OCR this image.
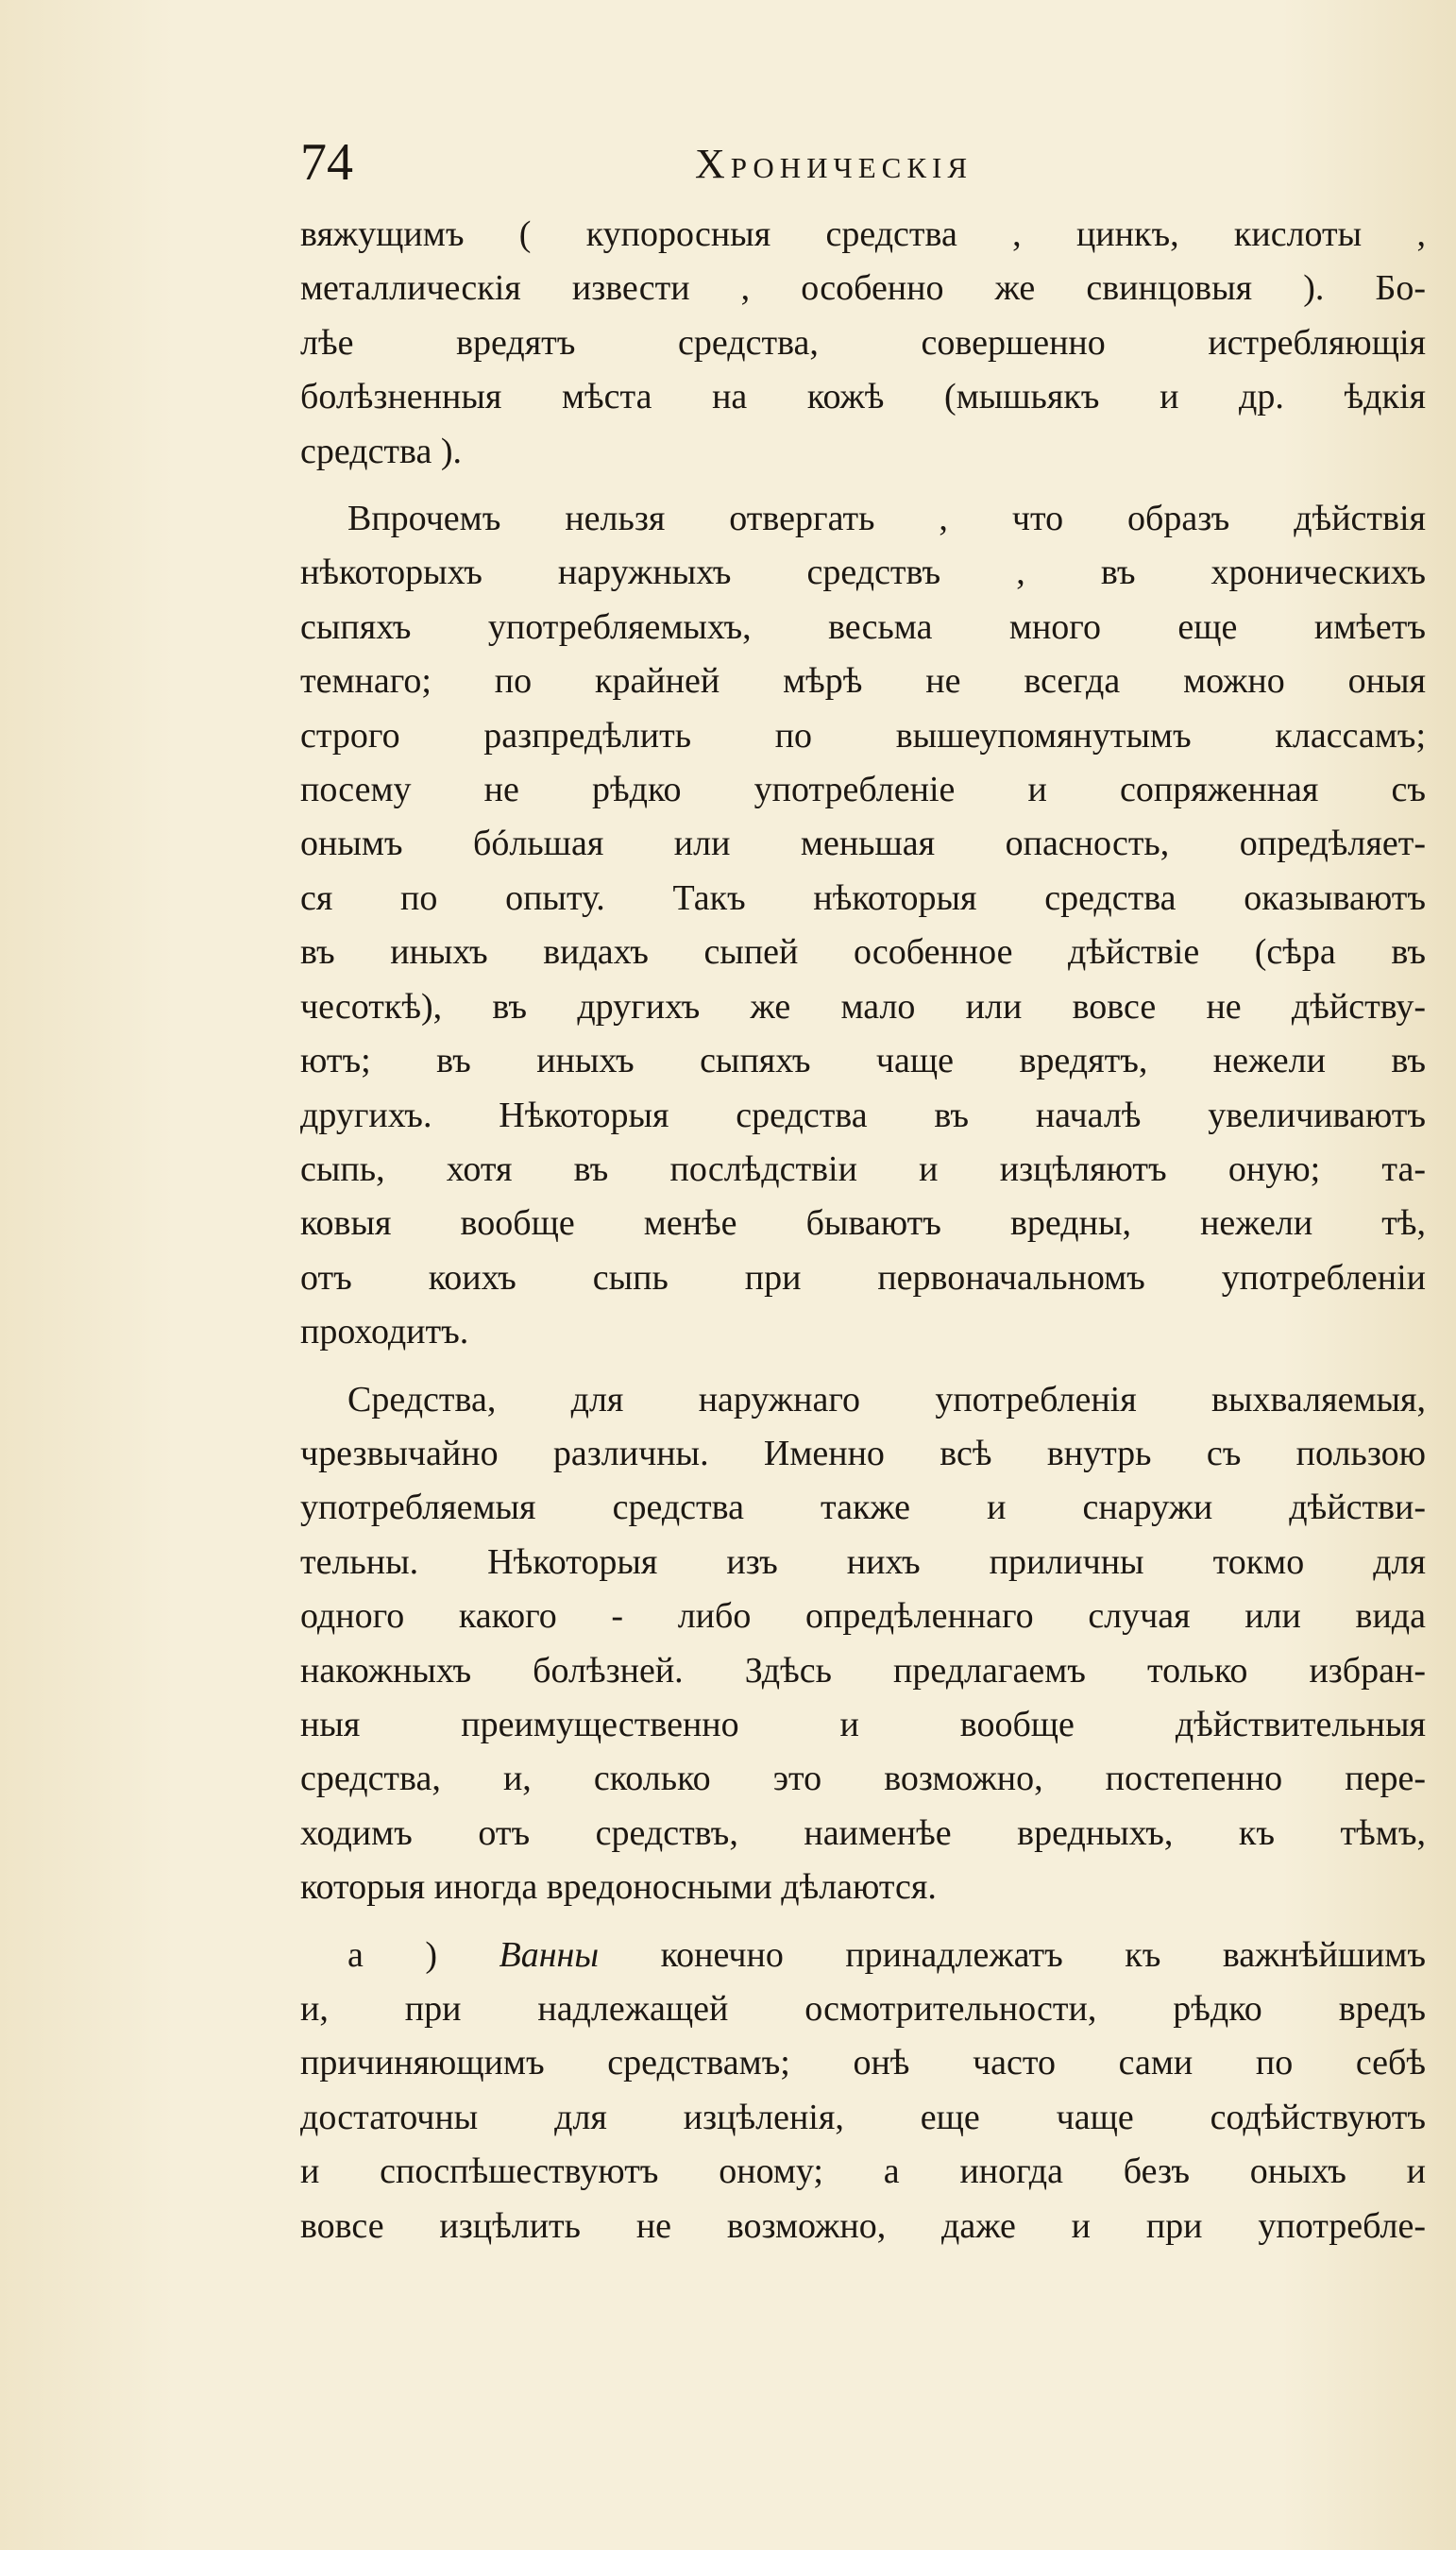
74	Хроническія

вяжущимъ ( купоросныя средства , цинкъ, кислоты ,

металлическія извести , особенно же свинцовыя ). Бо-

лѣе вредятъ средства, совершенно истребляющія

болѣзненныя мѣста на кожѣ (мышьякъ и др. ѣдкія

средства ).

Впрочемъ нельзя отвергать , что образъ дѣйствія

нѣкоторыхъ наружныхъ средствъ , въ хроническихъ

сыпяхъ употребляемыхъ, весьма много еще имѣетъ

темнаго; по крайней мѣрѣ не всегда можно оныя

строго разпредѣлить по вышеупомянутымъ классамъ;

посему не рѣдко употребленіе и сопряженная съ

онымъ бóльшая или меньшая опасность, опредѣляет-

ся по опыту. Такъ нѣкоторыя средства оказываютъ

въ иныхъ видахъ сыпей особенное дѣйствіе (сѣра въ

чесоткѣ), въ другихъ же мало или вовсе не дѣйству-

ютъ; въ иныхъ сыпяхъ чаще вредятъ, нежели въ

другихъ. Нѣкоторыя средства въ началѣ увеличиваютъ

сыпь, хотя въ послѣдствіи и изцѣляютъ оную; та-

ковыя вообще менѣе бываютъ вредны, нежели тѣ,

отъ коихъ сыпь при первоначальномъ употребленіи

проходитъ.

Средства, для наружнаго употребленія выхваляемыя,

чрезвычайно различны. Именно всѣ внутрь съ пользою

употребляемыя средства также и снаружи дѣйстви-

тельны. Нѣкоторыя изъ нихъ приличны токмо для

одного какого - либо опредѣленнаго случая или вида

накожныхъ болѣзней. Здѣсь предлагаемъ только избран-

ныя преимущественно и вообще дѣйствительныя

средства, и, сколько это возможно, постепенно пере-

ходимъ отъ средствъ, наименѣе вредныхъ, къ тѣмъ,

которыя иногда вредоносными дѣлаются.

а ) Ванны конечно принадлежатъ къ важнѣйшимъ

и, при надлежащей осмотрительности, рѣдко вредъ

причиняющимъ средствамъ; онѣ часто сами по себѣ

достаточны для изцѣленія, еще чаще содѣйствуютъ

и споспѣшествуютъ оному; а иногда безъ оныхъ и

вовсе изцѣлить не возможно, даже и при употребле-
